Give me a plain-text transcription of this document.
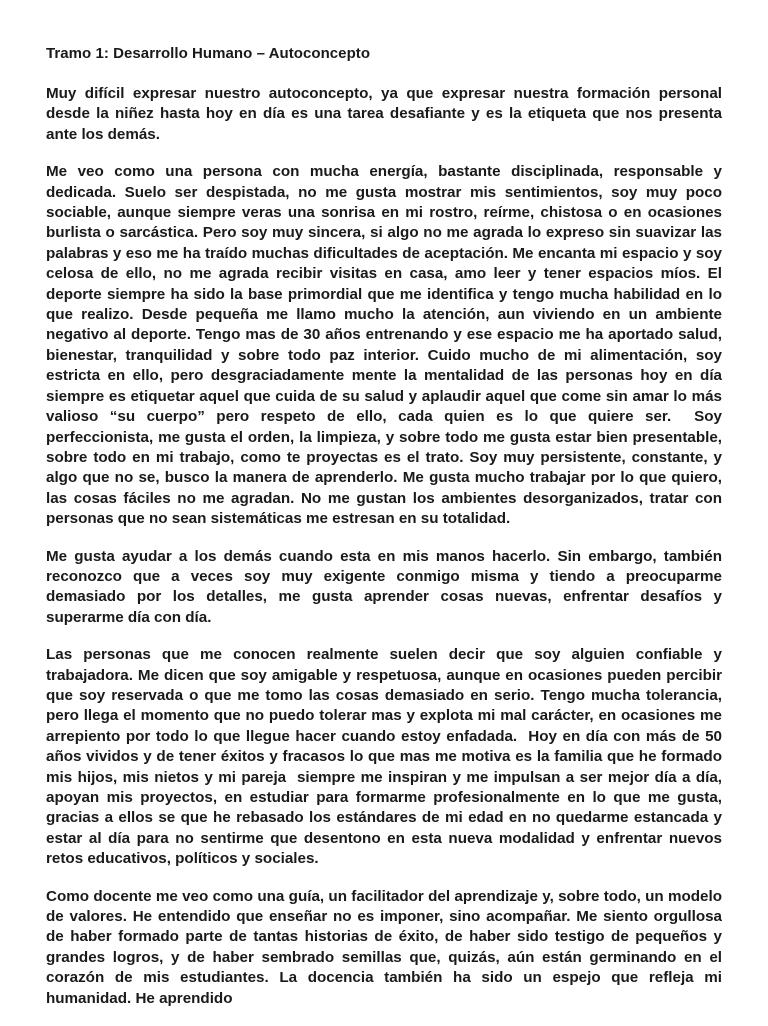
Tramo 1: Desarrollo Humano – Autoconcepto

Muy difícil expresar nuestro autoconcepto, ya que expresar nuestra formación personal desde la niñez hasta hoy en día es una tarea desafiante y es la etiqueta que nos presenta ante los demás.

Me veo como una persona con mucha energía, bastante disciplinada, responsable y dedicada. Suelo ser despistada, no me gusta mostrar mis sentimientos, soy muy poco sociable, aunque siempre veras una sonrisa en mi rostro, reírme, chistosa o en ocasiones burlista o sarcástica. Pero soy muy sincera, si algo no me agrada lo expreso sin suavizar las palabras y eso me ha traído muchas dificultades de aceptación. Me encanta mi espacio y soy celosa de ello, no me agrada recibir visitas en casa, amo leer y tener espacios míos. El deporte siempre ha sido la base primordial que me identifica y tengo mucha habilidad en lo que realizo. Desde pequeña me llamo mucho la atención, aun viviendo en un ambiente negativo al deporte. Tengo mas de 30 años entrenando y ese espacio me ha aportado salud, bienestar, tranquilidad y sobre todo paz interior. Cuido mucho de mi alimentación, soy estricta en ello, pero desgraciadamente mente la mentalidad de las personas hoy en día siempre es etiquetar aquel que cuida de su salud y aplaudir aquel que come sin amar lo más valioso “su cuerpo” pero respeto de ello, cada quien es lo que quiere ser.  Soy perfeccionista, me gusta el orden, la limpieza, y sobre todo me gusta estar bien presentable, sobre todo en mi trabajo, como te proyectas es el trato. Soy muy persistente, constante, y algo que no se, busco la manera de aprenderlo. Me gusta mucho trabajar por lo que quiero, las cosas fáciles no me agradan. No me gustan los ambientes desorganizados, tratar con personas que no sean sistemáticas me estresan en su totalidad.

Me gusta ayudar a los demás cuando esta en mis manos hacerlo. Sin embargo, también reconozco que a veces soy muy exigente conmigo misma y tiendo a preocuparme demasiado por los detalles, me gusta aprender cosas nuevas, enfrentar desafíos y superarme día con día.

Las personas que me conocen realmente suelen decir que soy alguien confiable y trabajadora. Me dicen que soy amigable y respetuosa, aunque en ocasiones pueden percibir que soy reservada o que me tomo las cosas demasiado en serio. Tengo mucha tolerancia, pero llega el momento que no puedo tolerar mas y explota mi mal carácter, en ocasiones me arrepiento por todo lo que llegue hacer cuando estoy enfadada.  Hoy en día con más de 50 años vividos y de tener éxitos y fracasos lo que mas me motiva es la familia que he formado mis hijos, mis nietos y mi pareja  siempre me inspiran y me impulsan a ser mejor día a día, apoyan mis proyectos, en estudiar para formarme profesionalmente en lo que me gusta, gracias a ellos se que he rebasado los estándares de mi edad en no quedarme estancada y estar al día para no sentirme que desentono en esta nueva modalidad y enfrentar nuevos retos educativos, políticos y sociales.

Como docente me veo como una guía, un facilitador del aprendizaje y, sobre todo, un modelo de valores. He entendido que enseñar no es imponer, sino acompañar. Me siento orgullosa de haber formado parte de tantas historias de éxito, de haber sido testigo de pequeños y grandes logros, y de haber sembrado semillas que, quizás, aún están germinando en el corazón de mis estudiantes. La docencia también ha sido un espejo que refleja mi humanidad. He aprendido
